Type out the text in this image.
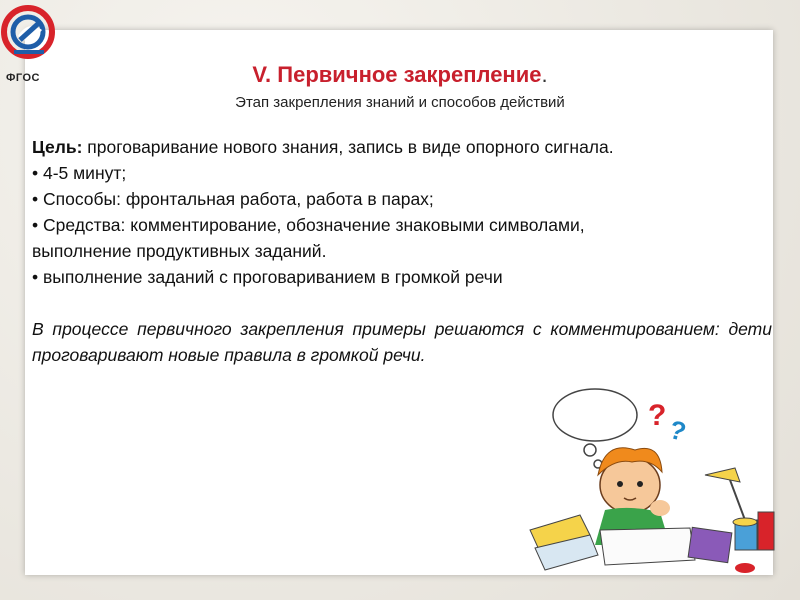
ФГОС	V. Первичное закрепление.
Этап закрепления знаний и способов действий

Цель: проговаривание нового знания, запись в виде опорного сигнала.

• 4-5 минут;

• Способы: фронтальная работа, работа в парах;

• Средства: комментирование, обозначение знаковыми символами,

выполнение продуктивных заданий.

• выполнение заданий с проговариванием в громкой речи

В процессе первичного закрепления примеры решаются с комментированием: дети проговаривают новые правила в громкой речи.

? ?
